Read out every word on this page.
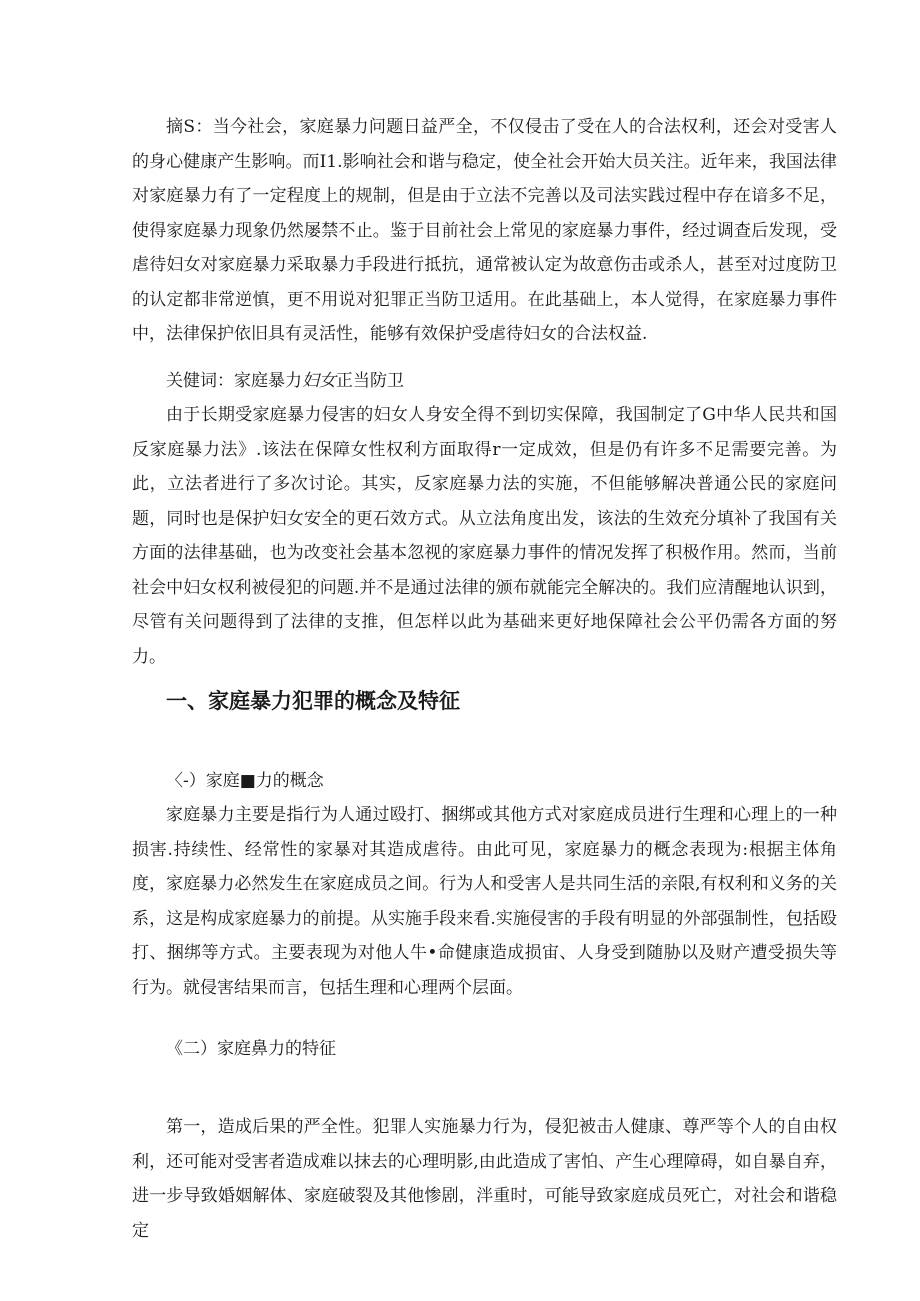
摘S：当今社会，家庭暴力问题日益严全，不仅侵击了受在人的合法权利，还会对受害人的身心健康产生影响。而I1.影响社会和谐与稳定，使全社会开始大员关注。近年来，我国法律对家庭暴力有了一定程度上的规制，但是由于立法不完善以及司法实践过程中存在谙多不足，使得家庭暴力现象仍然屡禁不止。鉴于目前社会上常见的家庭暴力事件，经过调查后发现，受虐待妇女对家庭暴力采取暴力手段进行抵抗，通常被认定为故意伤击或杀人，甚至对过度防卫的认定都非常逆慎，更不用说对犯罪正当防卫适用。在此基础上，本人觉得，在家庭暴力事件中，法律保护依旧具有灵活性，能够有效保护受虐待妇女的合法权益.

关健词：家庭暴力妇女正当防卫

由于长期受家庭暴力侵害的妇女人身安全得不到切实保障，我国制定了G中华人民共和国反家庭暴力法》.该法在保障女性权利方面取得r一定成效，但是仍有许多不足需要完善。为此，立法者进行了多次讨论。其实，反家庭暴力法的实施，不但能够解决普通公民的家庭问题，同时也是保护妇女安全的更石效方式。从立法角度出发，该法的生效充分填补了我国有关方面的法律基础，也为改变社会基本忽视的家庭暴力事件的情况发挥了积极作用。然而，当前社会中妇女权利被侵犯的问题.并不是通过法律的颁布就能完全解决的。我们应清醒地认识到，尽管有关问题得到了法律的支推，但怎样以此为基础来更好地保障社会公平仍需各方面的努力。

一、家庭暴力犯罪的概念及特征

〈-）家庭■力的概念

家庭暴力主要是指行为人通过殴打、捆绑或其他方式对家庭成员进行生理和心理上的一种损害.持续性、经常性的家暴对其造成虐待。由此可见，家庭暴力的概念表现为:根据主体角度，家庭暴力必然发生在家庭成员之间。行为人和受害人是共同生活的亲限,有权利和义务的关系，这是构成家庭暴力的前提。从实施手段来看.实施侵害的手段有明显的外部强制性，包括殴打、捆绑等方式。主要表现为对他人牛•命健康造成损宙、人身受到随胁以及财产遭受损失等行为。就侵害结果而言，包括生理和心理两个层面。

《二）家庭鼻力的特征

第一，造成后果的严全性。犯罪人实施暴力行为，侵犯被击人健康、尊严等个人的自由权利，还可能对受害者造成难以抹去的心理明影,由此造成了害怕、产生心理障碍，如自暴自弃，进一步导致婚姻解体、家庭破裂及其他惨剧，泮重时，可能导致家庭成员死亡，对社会和谐稳定
